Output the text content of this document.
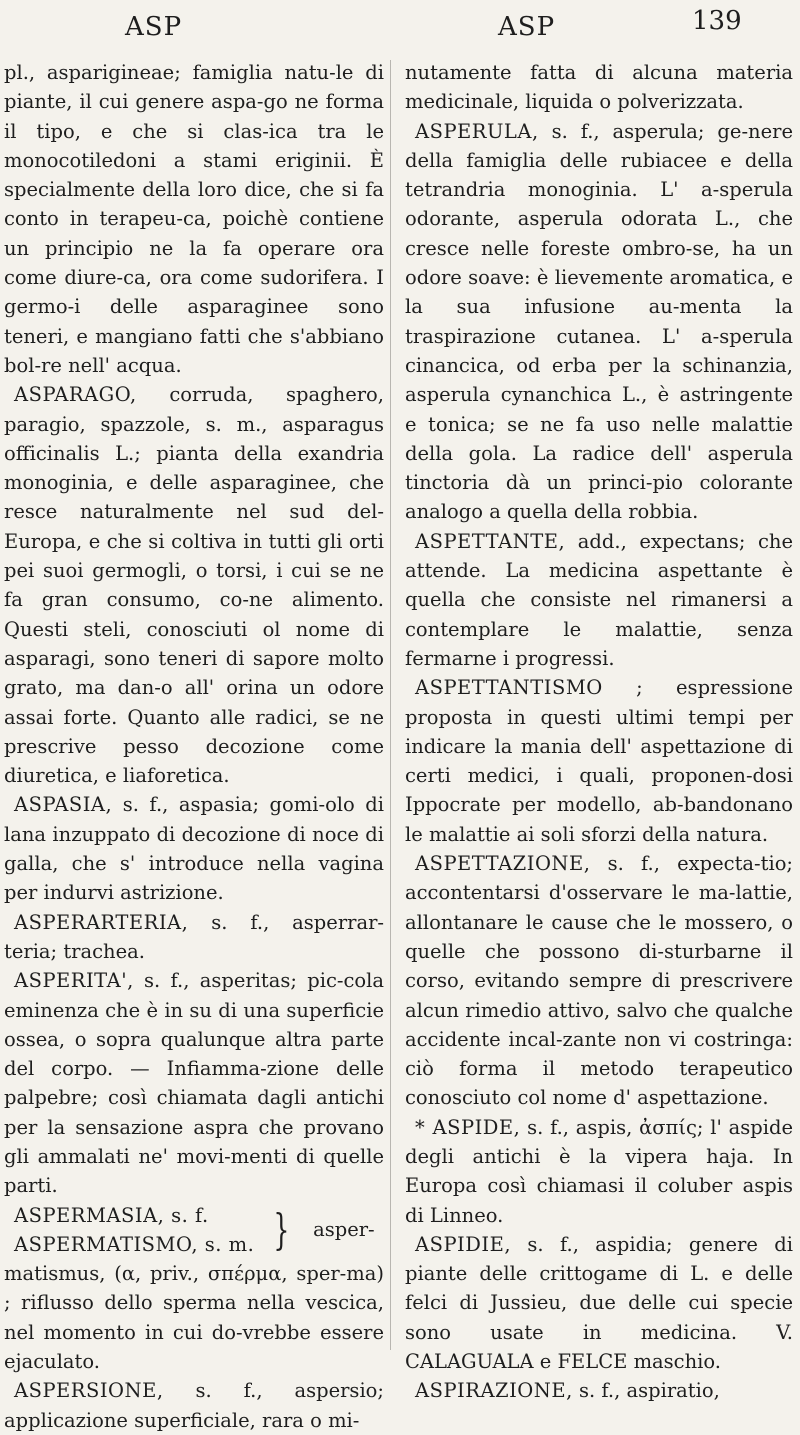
ASP	ASP	139

pl., asparigineae; famiglia natu-le di piante, il cui genere aspa-go ne forma il tipo, e che si clas-ica tra le monocotiledoni a stami eriginii. È specialmente della loro dice, che si fa conto in terapeu-ca, poichè contiene un principio ne la fa operare ora come diure-ca, ora come sudorifera. I germo-i delle asparaginee sono teneri, e mangiano fatti che s'abbiano bol-re nell' acqua.

ASPARAGO, corruda, spaghero, paragio, spazzole, s. m., asparagus officinalis L.; pianta della exandria monoginia, e delle asparaginee, che resce naturalmente nel sud del-Europa, e che si coltiva in tutti gli orti pei suoi germogli, o torsi, i cui se ne fa gran consumo, co-ne alimento. Questi steli, conosciuti ol nome di asparagi, sono teneri di sapore molto grato, ma dan-o all' orina un odore assai forte. Quanto alle radici, se ne prescrive pesso decozione come diuretica, e liaforetica.

ASPASIA, s. f., aspasia; gomi-olo di lana inzuppato di decozione di noce di galla, che s' introduce nella vagina per indurvi astrizione.

ASPERARTERIA, s. f., asperrar-teria; trachea.

ASPERITA', s. f., asperitas; pic-cola eminenza che è in su di una superficie ossea, o sopra qualunque altra parte del corpo. — Infiamma-zione delle palpebre; così chiamata dagli antichi per la sensazione aspra che provano gli ammalati ne' movi-menti di quelle parti.

ASPERMASIA, s. f.
ASPERMATISMO, s. m. }	asper-

matismus, (α, priv., σπέρμα, sper-ma) ; riflusso dello sperma nella vescica, nel momento in cui do-vrebbe essere ejaculato.

ASPERSIONE, s. f., aspersio; applicazione superficiale, rara o mi-

nutamente fatta di alcuna materia medicinale, liquida o polverizzata.

ASPERULA, s. f., asperula; ge-nere della famiglia delle rubiacee e della tetrandria monoginia. L' a-sperula odorante, asperula odorata L., che cresce nelle foreste ombro-se, ha un odore soave: è lievemente aromatica, e la sua infusione au-menta la traspirazione cutanea. L' a-sperula cinancica, od erba per la schinanzia, asperula cynanchica L., è astringente e tonica; se ne fa uso nelle malattie della gola. La radice dell' asperula tinctoria dà un princi-pio colorante analogo a quella della robbia.

ASPETTANTE, add., expectans; che attende. La medicina aspettante è quella che consiste nel rimanersi a contemplare le malattie, senza fermarne i progressi.

ASPETTANTISMO ; espressione proposta in questi ultimi tempi per indicare la mania dell' aspettazione di certi medici, i quali, proponen-dosi Ippocrate per modello, ab-bandonano le malattie ai soli sforzi della natura.

ASPETTAZIONE, s. f., expecta-tio; accontentarsi d'osservare le ma-lattie, allontanare le cause che le mossero, o quelle che possono di-sturbarne il corso, evitando sempre di prescrivere alcun rimedio attivo, salvo che qualche accidente incal-zante non vi costringa: ciò forma il metodo terapeutico conosciuto col nome d' aspettazione.

* ASPIDE, s. f., aspis, ἀσπίς; l' aspide degli antichi è la vipera haja. In Europa così chiamasi il coluber aspis di Linneo.

ASPIDIE, s. f., aspidia; genere di piante delle crittogame di L. e delle felci di Jussieu, due delle cui specie sono usate in medicina. V. CALAGUALA e FELCE maschio.

ASPIRAZIONE, s. f., aspiratio,
